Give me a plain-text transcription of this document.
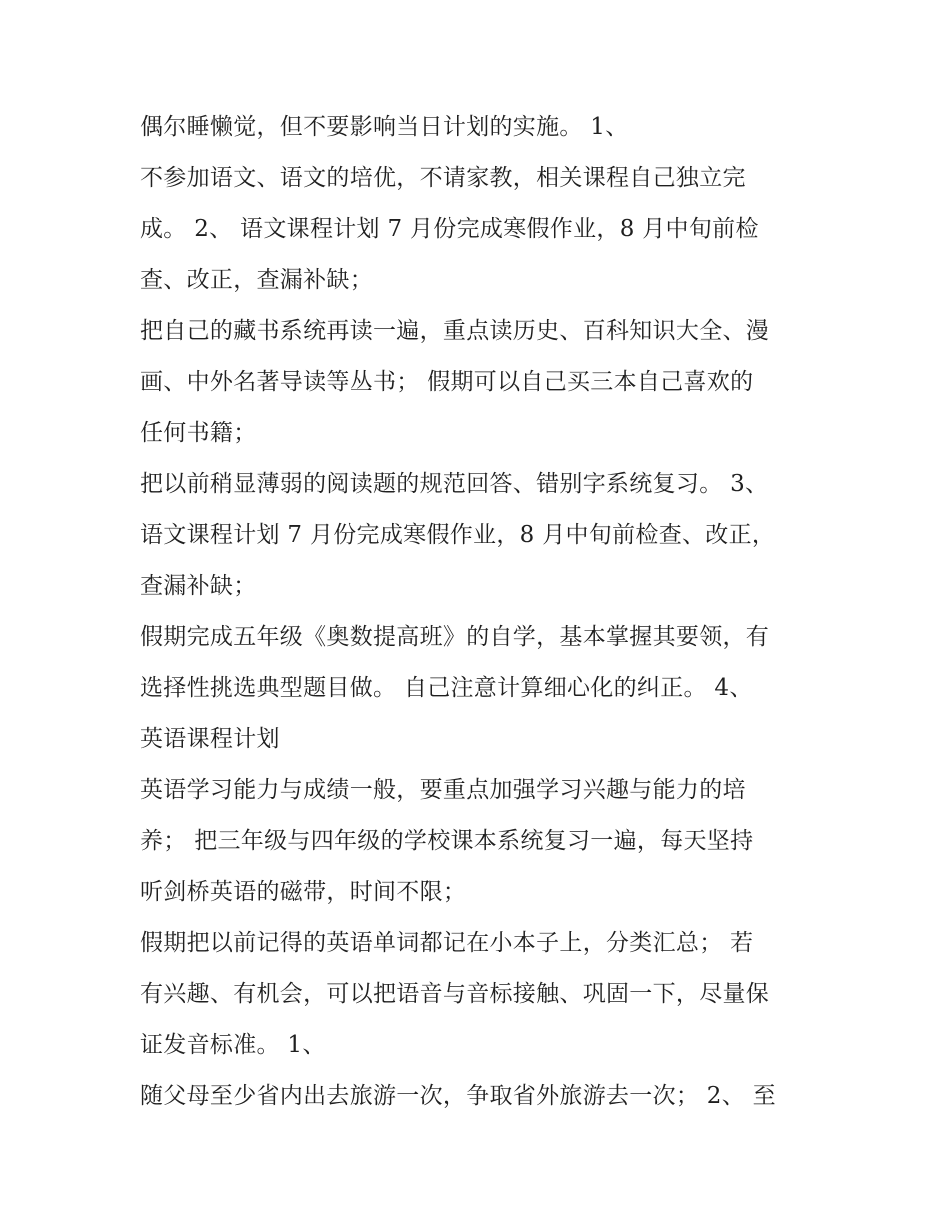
偶尔睡懒觉，但不要影响当日计划的实施。 1、
不参加语文、语文的培优，不请家教，相关课程自己独立完
成。 2、 语文课程计划 7 月份完成寒假作业，8 月中旬前检
查、改正，查漏补缺；
把自己的藏书系统再读一遍，重点读历史、百科知识大全、漫
画、中外名著导读等丛书； 假期可以自己买三本自己喜欢的
任何书籍；
把以前稍显薄弱的阅读题的规范回答、错别字系统复习。 3、
语文课程计划 7 月份完成寒假作业，8 月中旬前检查、改正，
查漏补缺；
假期完成五年级《奥数提高班》的自学，基本掌握其要领，有
选择性挑选典型题目做。 自己注意计算细心化的纠正。 4、
英语课程计划
英语学习能力与成绩一般，要重点加强学习兴趣与能力的培
养； 把三年级与四年级的学校课本系统复习一遍，每天坚持
听剑桥英语的磁带，时间不限；
假期把以前记得的英语单词都记在小本子上，分类汇总； 若
有兴趣、有机会，可以把语音与音标接触、巩固一下，尽量保
证发音标准。 1、
随父母至少省内出去旅游一次，争取省外旅游去一次； 2、 至
